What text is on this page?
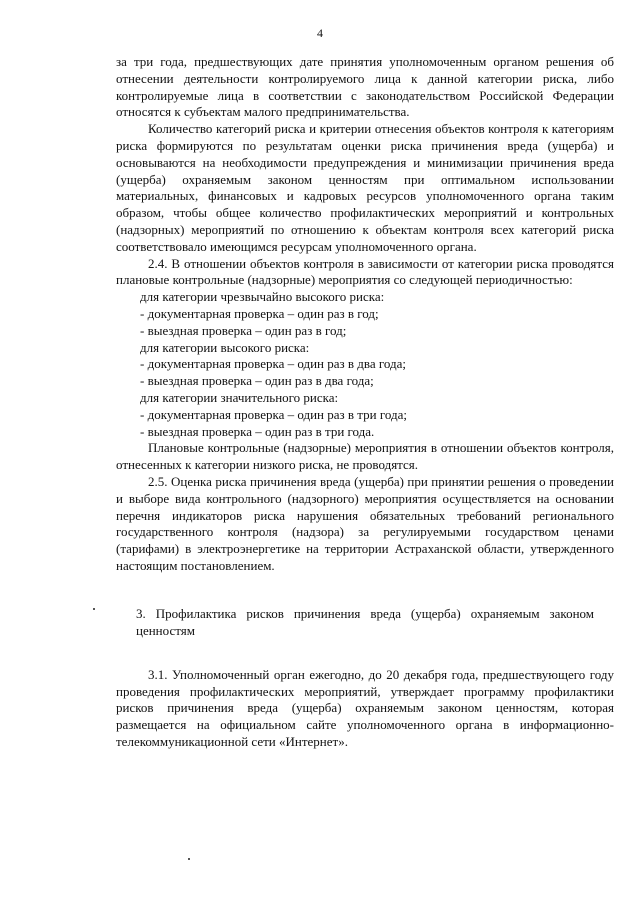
4

за три года, предшествующих дате принятия уполномоченным органом решения об отнесении деятельности контролируемого лица к данной категории риска, либо контролируемые лица в соответствии с законодательством Российской Федерации относятся к субъектам малого предпринимательства.

Количество категорий риска и критерии отнесения объектов контроля к категориям риска формируются по результатам оценки риска причинения вреда (ущерба) и основываются на необходимости предупреждения и минимизации причинения вреда (ущерба) охраняемым законом ценностям при оптимальном использовании материальных, финансовых и кадровых ресурсов уполномоченного органа таким образом, чтобы общее количество профилактических мероприятий и контрольных (надзорных) мероприятий по отношению к объектам контроля всех категорий риска соответствовало имеющимся ресурсам уполномоченного органа.

2.4. В отношении объектов контроля в зависимости от категории риска проводятся плановые контрольные (надзорные) мероприятия со следующей периодичностью:

для категории чрезвычайно высокого риска:
- документарная проверка – один раз в год;
- выездная проверка – один раз в год;
для категории высокого риска:
- документарная проверка – один раз в два года;
- выездная проверка – один раз в два года;
для категории значительного риска:
- документарная проверка – один раз в три года;
- выездная проверка – один раз в три года.

Плановые контрольные (надзорные) мероприятия в отношении объектов контроля, отнесенных к категории низкого риска, не проводятся.

2.5. Оценка риска причинения вреда (ущерба) при принятии решения о проведении и выборе вида контрольного (надзорного) мероприятия осуществляется на основании перечня индикаторов риска нарушения обязательных требований регионального государственного контроля (надзора) за регулируемыми государством ценами (тарифами) в электроэнергетике на территории Астраханской области, утвержденного настоящим постановлением.

3. Профилактика рисков причинения вреда (ущерба) охраняемым законом ценностям

3.1. Уполномоченный орган ежегодно, до 20 декабря года, предшествующего году проведения профилактических мероприятий, утверждает программу профилактики рисков причинения вреда (ущерба) охраняемым законом ценностям, которая размещается на официальном сайте уполномоченного органа в информационно-телекоммуникационной сети «Интернет».
